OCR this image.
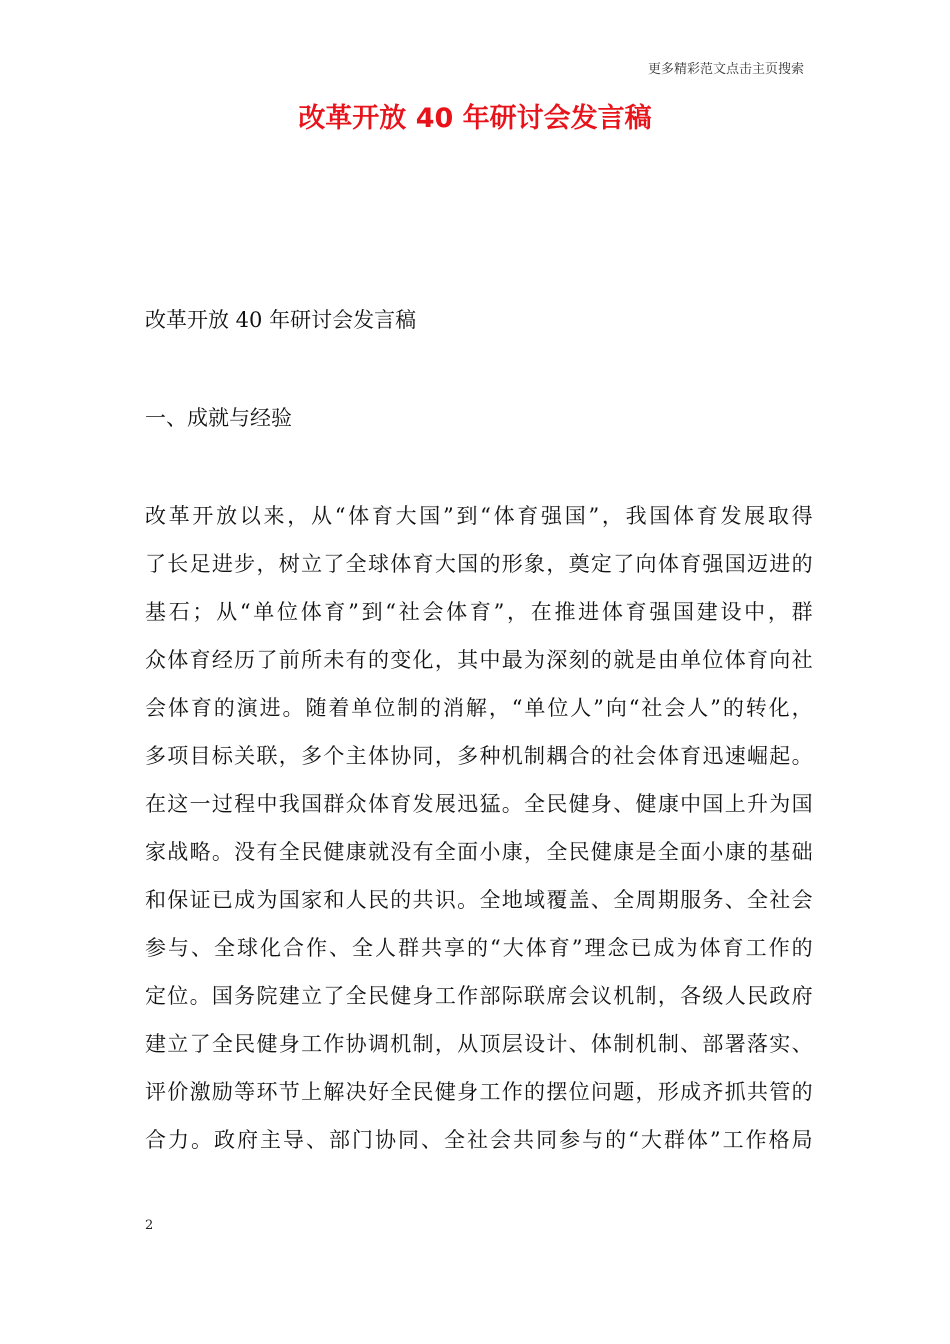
更多精彩范文点击主页搜索
改革开放 40 年研讨会发言稿
改革开放 40 年研讨会发言稿
一、成就与经验
改革开放以来，从“体育大国”到“体育强国”，我国体育发展取得
了长足进步，树立了全球体育大国的形象，奠定了向体育强国迈进的
基石；从“单位体育”到“社会体育”，在推进体育强国建设中，群
众体育经历了前所未有的变化，其中最为深刻的就是由单位体育向社
会体育的演进。随着单位制的消解，“单位人”向“社会人”的转化，
多项目标关联，多个主体协同，多种机制耦合的社会体育迅速崛起。
在这一过程中我国群众体育发展迅猛。全民健身、健康中国上升为国
家战略。没有全民健康就没有全面小康，全民健康是全面小康的基础
和保证已成为国家和人民的共识。全地域覆盖、全周期服务、全社会
参与、全球化合作、全人群共享的“大体育”理念已成为体育工作的
定位。国务院建立了全民健身工作部际联席会议机制，各级人民政府
建立了全民健身工作协调机制，从顶层设计、体制机制、部署落实、
评价激励等环节上解决好全民健身工作的摆位问题，形成齐抓共管的
合力。政府主导、部门协同、全社会共同参与的“大群体”工作格局
2
